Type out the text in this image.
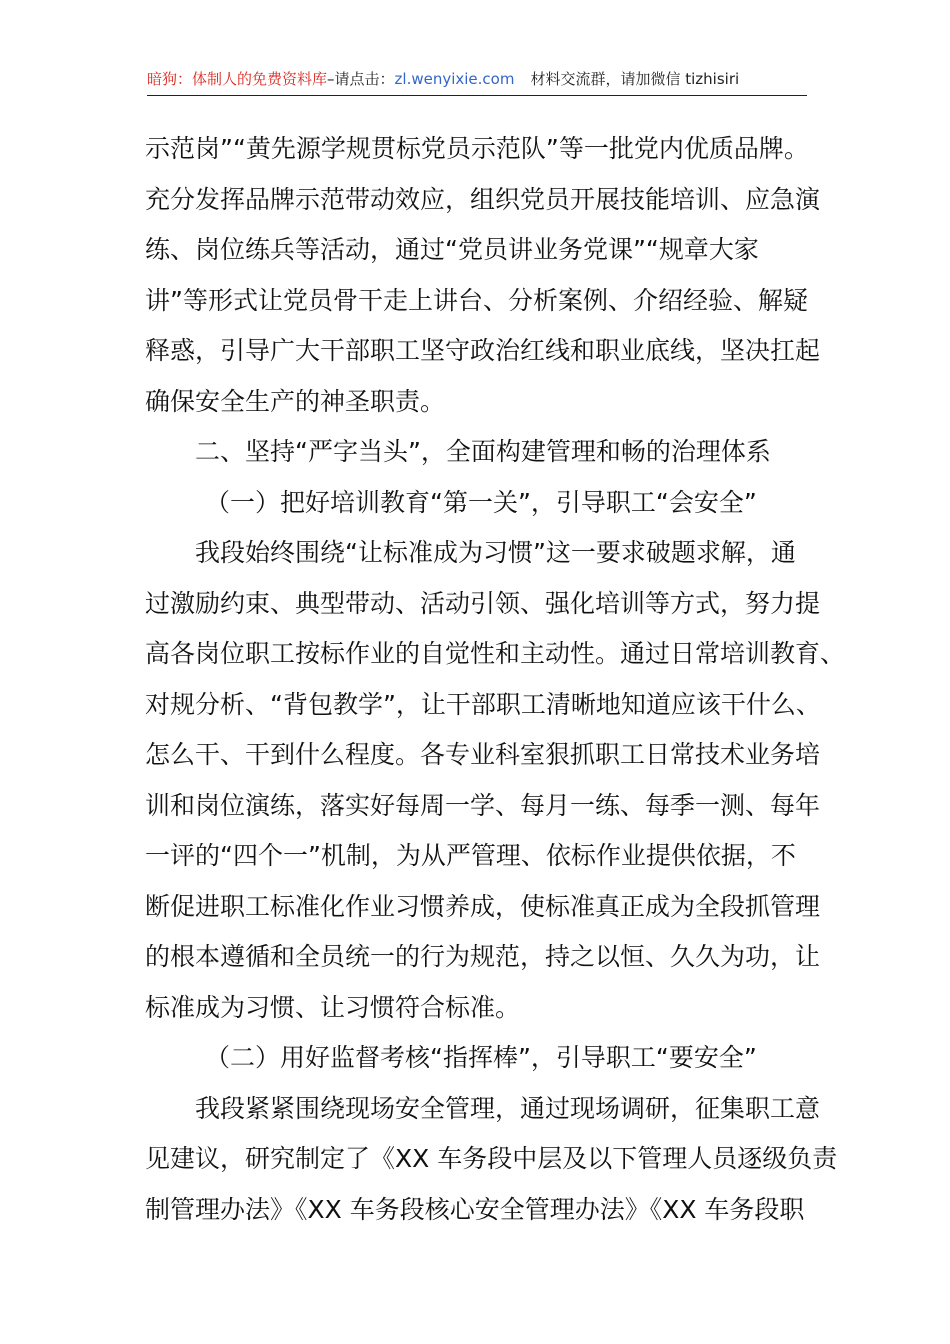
暗狗：体制人的免费资料库–请点击：zl.wenyixie.com 材料交流群，请加微信 tizhisiri
示范岗”“黄先源学规贯标党员示范队”等一批党内优质品牌。
充分发挥品牌示范带动效应，组织党员开展技能培训、应急演
练、岗位练兵等活动，通过“党员讲业务党课”“规章大家
讲”等形式让党员骨干走上讲台、分析案例、介绍经验、解疑
释惑，引导广大干部职工坚守政治红线和职业底线，坚决扛起
确保安全生产的神圣职责。
二、坚持“严字当头”，全面构建管理和畅的治理体系
（一）把好培训教育“第一关”，引导职工“会安全”
我段始终围绕“让标准成为习惯”这一要求破题求解，通
过激励约束、典型带动、活动引领、强化培训等方式，努力提
高各岗位职工按标作业的自觉性和主动性。通过日常培训教育、
对规分析、“背包教学”，让干部职工清晰地知道应该干什么、
怎么干、干到什么程度。各专业科室狠抓职工日常技术业务培
训和岗位演练，落实好每周一学、每月一练、每季一测、每年
一评的“四个一”机制，为从严管理、依标作业提供依据，不
断促进职工标准化作业习惯养成，使标准真正成为全段抓管理
的根本遵循和全员统一的行为规范，持之以恒、久久为功，让
标准成为习惯、让习惯符合标准。
（二）用好监督考核“指挥棒”，引导职工“要安全”
我段紧紧围绕现场安全管理，通过现场调研，征集职工意
见建议，研究制定了《XX 车务段中层及以下管理人员逐级负责
制管理办法》《XX 车务段核心安全管理办法》《XX 车务段职
